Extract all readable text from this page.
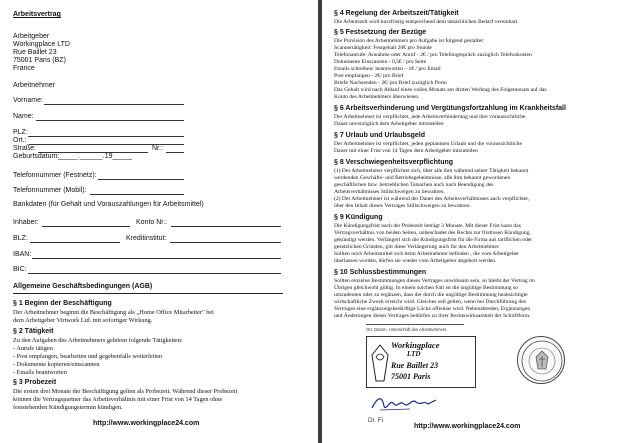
Arbeitsvertrag
Arbeitgeber
Workingplace LTD
Rue Baillet 23
75001 Paris (BZ)
France
Arbeitnehmer
Vorname:
Name:
PLZ:
Ort.:
Straße:	Nr.:
Geburtsdatum:
_____.______.19_____
Telefonnummer (Festnetz):
Telefonnummer (Mobil):
Bankdaten (für Gehalt und Vorauszahlungen für Arbeitsmittel)
Inhaber:	Konto Nr.:
BLZ:	Kreditinstitut:
IBAN:
BIC:
Allgemeine Geschäftsbedingungen (AGB)
§ 1 Beginn der Beschäftigung
Der Arbeitnehmer beginnt die Beschäftigung als „Home Office Mitarbeiter" bei
dem Arbeitgeber Virtwork Ltd. mit sofortiger Wirkung.
§ 2 Tätigkeit
Zu den Aufgaben des Arbeitnehmers gehören folgende Tätigkeiten:
- Anrufe tätigen
- Post empfangen, bearbeiten und gegebenfalls weiterleiten
- Dokumente kopieren/einscannen
- Emails beantworten
§ 3 Probezeit
Die ersten drei Monate der Beschäftigung gelten als Probezeit. Während dieser Probezeit
können die Vertragspartner das Arbeitsverhältnis mit einer Frist von 14 Tagen ohne
feststehenden Kündigungstermin kündigen.
http://www.workingplace24.com
§ 4 Regelung der Arbeitszeit/Tätigkeit
Die Arbeitszeit wird kurzfristig entsprechend dem tatsächlichen Bedarf vereinbart.
§ 5 Festsetzung der Bezüge
Die Provision des Arbeitnehmers pro Aufgabe ist folgend gestaltet:
Scannertätigkeit: Festgehalt 20€ pro Stunde
Telefonanrufe: Annahme oder Anruf - 2€ / pro Telefongespräch zuzüglich Telefonkosten
Dokumente Einscannen - 0,5€ / pro Seite
Emails schreiben/ beantworten – 1€ / pro Email
Post empfangen - 2€/ pro Brief
Briefe Nachsenden - 2€/ pro Brief zuzüglich Porto
Das Gehalt wird nach Ablauf eines vollen Monats am dritten Werktag des Folgemonats auf das
Konto des Arbeitnehmers überwiesen.
§ 6 Arbeitsverhinderung und Vergütungsfortzahlung im Krankheitsfall
Der Arbeitnehmer ist verpflichtet, jede Arbeitsverhinderung und ihre voraussichtliche
Dauer unverzüglich dem Arbeitgeber mitzuteilen
§ 7 Urlaub und Urlaubsgeld
Der Arbeitnehmer ist verpflichtet, jeden geplannten Urlaub und die voraussichtliche
Dauer mit einer Frist von 14 Tagen dem Arbeitgeber mitzuteilen
§ 8 Verschwiegenheitsverpflichtung
(1) Der Arbeitnehmer verpflichtet sich, über alle ihm während seiner Tätigkeit bekannt
werdenden Geschäfts- und Betriebsgeheimnisse, alle ihm bekannt gewordenen
geschäftlichen bzw. betrieblichen Tatsachen auch nach Beendigung des
Arbeitsverhältnisses Stillschweigen zu bewahren.
(2) Der Arbeitnehmer ist während der Dauer des Arbeitsverhältnisses auch verpflichtet,
über den Inhalt dieses Vertrages Stillschweigen zu bewahren.
§ 9 Kündigung
Die Kündigungsfrist nach der Probezeit beträgt 3 Monate. Mit dieser Frist kann das
Vertragsverhältnis von beiden Seiten, unbeschadet des Rechts zur fristlosen Kündigung,
gekündigt werden. Verlängert sich die Kündigungsfrist für die Firma aus tariflichen oder
gesetzlichen Gründen, gilt diese Verlängerung auch für den Arbeitnehmer.
Sollten noch Arbeitsmittel sich beim Arbeitnehmer befinden , die vom Arbeitgeber
überlassen wurden, dürfen sie wieder vom Arbeitgeber abgeholt werden.
§ 10 Schlussbestimmungen
Sollten einzelne Bestimmungen dieses Vertrages unwirksam sein, so bleibt der Vertrag im
Übrigen gleichwohl gültig. In einem solchen Fall ist die ungültige Bestimmung so
umzudeuten oder zu ergänzen, dass der durch die ungültige Bestimmung beabsichtigte
wirtschaftliche Zweck erreicht wird. Gleiches soll gelten, wenn bei Durchführung des
Vertrages eine ergänzungsbedürftige Lücke offenbar wird. Nebenabreden, Ergänzungen
und Änderungen dieses Vertrages bedürfen zu ihrer Rechtswirksamkeit der Schriftform.
Ort, Datum, Unterschrift des Arbeitnehmers
Workingplace
LTD
Rue Baillet 23
75001 Paris
Dr. Fi
http://www.workingplace24.com
